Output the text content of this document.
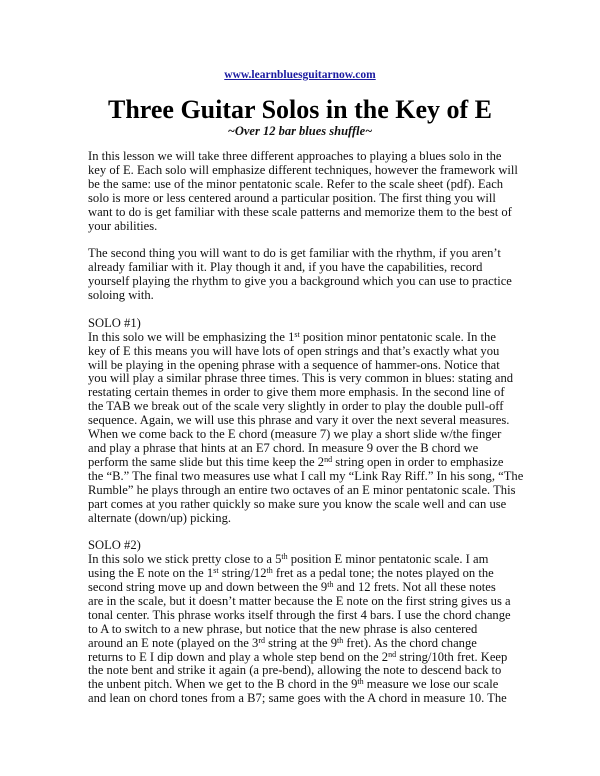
www.learnbluesguitarnow.com
Three Guitar Solos in the Key of E
~Over 12 bar blues shuffle~
In this lesson we will take three different approaches to playing a blues solo in the
key of E. Each solo will emphasize different techniques, however the framework will
be the same: use of the minor pentatonic scale. Refer to the scale sheet (pdf). Each
solo is more or less centered around a particular position. The first thing you will
want to do is get familiar with these scale patterns and memorize them to the best of
your abilities.
The second thing you will want to do is get familiar with the rhythm, if you aren’t
already familiar with it. Play though it and, if you have the capabilities, record
yourself playing the rhythm to give you a background which you can use to practice
soloing with.
SOLO #1)
In this solo we will be emphasizing the 1st position minor pentatonic scale. In the
key of E this means you will have lots of open strings and that’s exactly what you
will be playing in the opening phrase with a sequence of hammer-ons. Notice that
you will play a similar phrase three times. This is very common in blues: stating and
restating certain themes in order to give them more emphasis. In the second line of
the TAB we break out of the scale very slightly in order to play the double pull-off
sequence. Again, we will use this phrase and vary it over the next several measures.
When we come back to the E chord (measure 7) we play a short slide w/the finger
and play a phrase that hints at an E7 chord. In measure 9 over the B chord we
perform the same slide but this time keep the 2nd string open in order to emphasize
the “B.” The final two measures use what I call my “Link Ray Riff.” In his song, “The
Rumble” he plays through an entire two octaves of an E minor pentatonic scale. This
part comes at you rather quickly so make sure you know the scale well and can use
alternate (down/up) picking.
SOLO #2)
In this solo we stick pretty close to a 5th position E minor pentatonic scale. I am
using the E note on the 1st string/12th fret as a pedal tone; the notes played on the
second string move up and down between the 9th and 12 frets. Not all these notes
are in the scale, but it doesn’t matter because the E note on the first string gives us a
tonal center. This phrase works itself through the first 4 bars. I use the chord change
to A to switch to a new phrase, but notice that the new phrase is also centered
around an E note (played on the 3rd string at the 9th fret). As the chord change
returns to E I dip down and play a whole step bend on the 2nd string/10th fret. Keep
the note bent and strike it again (a pre-bend), allowing the note to descend back to
the unbent pitch. When we get to the B chord in the 9th measure we lose our scale
and lean on chord tones from a B7; same goes with the A chord in measure 10. The
